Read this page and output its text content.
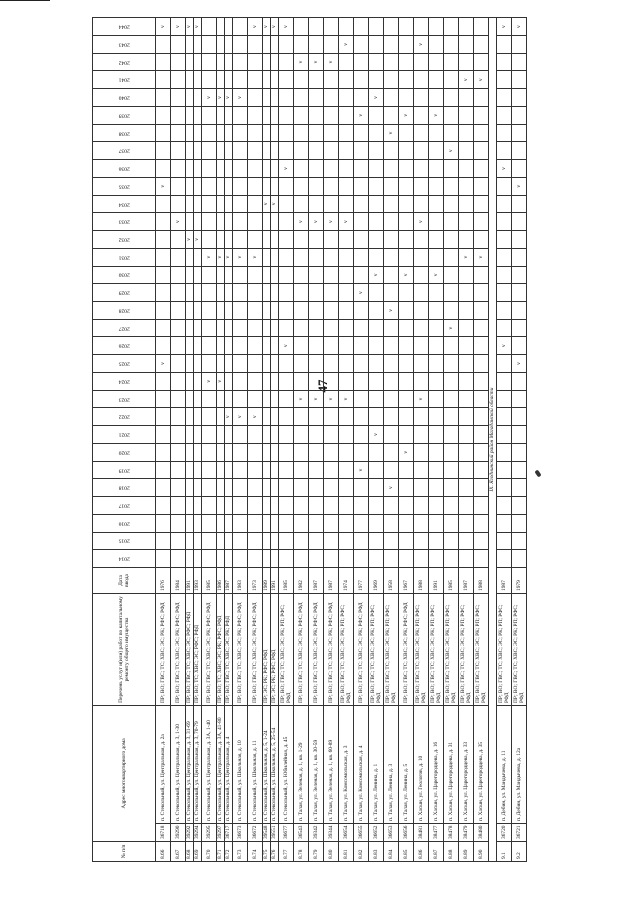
47
№ п/п	Адрес многоквартирного дома		Перечень услуг и(или) работ по капитальному ремонту общего имущества	Дата ввода	2014	2015	2016	2017	2018	2019	2020	2021	2022	2023	2024	2025	2026	2027	2028	2029	2030	2031	2032	2033	2034	2035	2036	2037	2038	2039	2040	2041	2042	2043	2044
8.66	36718	п. Стекольный, ул. Центральная, д. 2а	ПР; ВО; ГВС; ТС; ХВС; ЭС; РК; РФС; РФД	1976												v										v									v
8.67	39290	п. Стекольный, ул. Центральная, д. 3, 1-30	ПР; ВО; ГВС; ТС; ХВС; ЭС; РК; РФС; РФД	1984																				v											v
8.68	39292	п. Стекольный, ул. Центральная, д. 3, 31-69	ПР; ВО; ГВС; ТС; ХВС; ЭС; РФС; РФД	1991																			v												v
8.69	39294	п. Стекольный, ул. Центральная, д. 3, 70-79	ПР; ВО; ТС; ХВС; ЭС; РФС; РФД	1993																			v												v
8.70	39295	п. Стекольный, ул. Центральная, д. 3А, 1-40	ПР; ВО; ГВС; ТС; ХВС; ЭС; РК; РФС; РФД	1985											v							v									v				
8.71	39297	п. Стекольный, ул. Центральная, д. 3А, 41-80	ПР; ВО; ТС; ХВС; ЭС; РК; РФС; РФД	1986											v							v									v				
8.72	36717	п. Стекольный, ул. Центральная, д. 4	ПР; ВО; ГВС; ТС; ХВС; ЭС; РК; РФД	1987									v									v									v				
8.73	36673	п. Стекольный, ул. Школьная, д. 10	ПР; ВО; ГВС; ТС; ХВС; ЭС; РК; РФС; РФД	1983									v									v									v				
8.74	36672	п. Стекольный, ул. Школьная, д. 11	ПР; ВО; ГВС; ТС; ХВС; ЭС; РК; РФС; РФД	1973									v									v													v
8.75	39548	п. Стекольный, ул. Школьная, д. 5, 1-24	ПР; ЭС; РК; РФС; РФД	1989																					v										v
8.76	39551	п. Стекольный, ул. Школьная, д. 5, 25-54	ПР; ЭС; РК; РФС; РФД	1991																					v										v
8.77	36677	п. Стекольный, ул. Юбилейная, д. 45	ПР; ВО; ГВС; ТС; ХВС; ЭС; РК; РП; РФС; РФД	1985													v										v								v
8.78	36543	п. Талая, ул. Зеленая, д. 1, кв. 1-29	ПР; ВО; ГВС; ТС; ХВС; ЭС; РК; РФС; РФД	1982										v										v									v		
8.79	39342	п. Талая, ул. Зеленая, д. 1, кв. 30-59	ПР; ВО; ГВС; ТС; ХВС; ЭС; РК; РФС; РФД	1987										v										v									v		
8.80	39344	п. Талая, ул. Зеленая, д. 1, кв. 60-89	ПР; ВО; ГВС; ТС; ХВС; ЭС; РК; РФС; РФД	1987										v										v									v		
8.81	36654	п. Талая, ул. Комсомольская, д. 3	ПР; ВО; ГВС; ТС; ХВС; ЭС; РК; РП; РФС; РФД	1974										v										v										v	
8.82	36655	п. Талая, ул. Комсомольская, д. 4	ПР; ВО; ГВС; ТС; ХВС; ЭС; РК; РФС; РФД	1977						v										v										v					
8.83	36652	п. Талая, ул. Ленина, д. 1	ПР; ВО; ГВС; ТС; ХВС; ЭС; РК; РП; РФС; РФД	1969								v									v										v				
8.84	36653	п. Талая, ул. Ленина, д. 3	ПР; ВО; ГВС; ТС; ХВС; ЭС; РК; РП; РФС; РФД	1958					v										v										v						
8.85	36656	п. Талая, ул. Ленина, д. 5	ПР; ВО; ГВС; ТС; ХВС; ЭС; РК; РФС; РФД	1967							v										v									v					
8.86	38481	п. Хасын, ул. Геологов, д. 10	ПР; ВО; ГВС; ТС; ХВС; ЭС; РК; РП; РФС; РФД	1988										v										v										v	
8.87	38477	п. Хасын, ул. Царегородцева, д. 16	ПР; ВО; ГВС; ТС; ХВС; ЭС; РК; РП; РФС; РФД	1991																	v									v					
8.88	38478	п. Хасын, ул. Царегородцева, д. 31	ПР; ВО; ГВС; ТС; ХВС; ЭС; РК; РП; РФС; РФД	1985														v										v							
8.89	38479	п. Хасын, ул. Царегородцева, д. 33	ПР; ВО; ГВС; ТС; ХВС; ЭС; РК; РП; РФС; РФД	1987																		v										v			
8.90	38480	п. Хасын, ул. Царегородцева, д. 35	ПР; ВО; ГВС; ТС; ХВС; ЭС; РК; РП; РФС; РФД	1988																		v										v			
IX. Ягоднинский район Магаданской области																																			
9.1	36720	п. Дебин, ул. Мандычева, д. 11	ПР; ВО; ГВС; ТС; ХВС; ЭС; РК; РП; РФС; РФД	1987													v										v								v
9.2	36721	п. Дебин, ул. Мандычева, д. 12а	ПР; ВО; ГВС; ТС; ХВС; ЭС; РК; РП; РФС; РФД	1979												v										v									v
